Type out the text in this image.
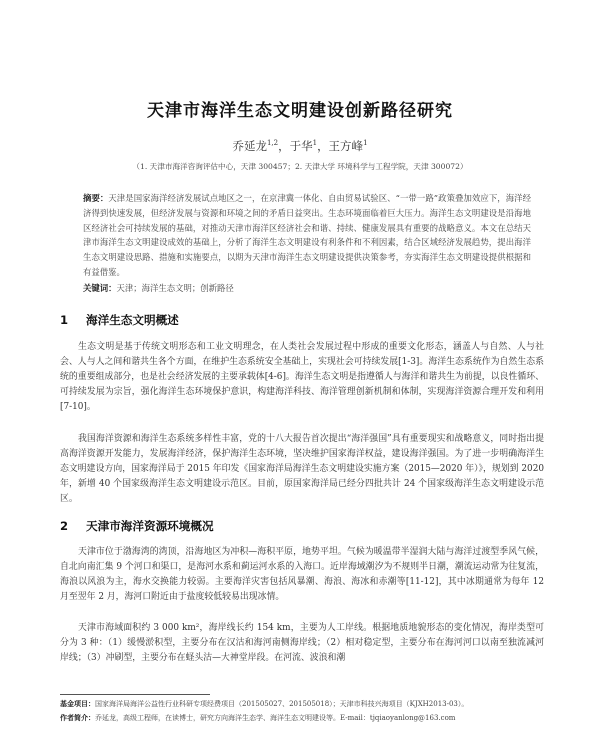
天津市海洋生态文明建设创新路径研究
乔延龙$^{1,2}$，于华$^1$，王方峰$^1$
（1. 天津市海洋咨询评估中心，天津 300457；2. 天津大学 环境科学与工程学院，天津 300072）
摘要：天津是国家海洋经济发展试点地区之一，在京津冀一体化、自由贸易试验区、“一带一路”政策叠加效应下，海洋经济得到快速发展，但经济发展与资源和环境之间的矛盾日益突出。生态环境面临着巨大压力。海洋生态文明建设是沿海地区经济社会可持续发展的基础，对推动天津市海洋区经济社会和谐、持续、健康发展具有重要的战略意义。本文在总结天津市海洋生态文明建设成效的基础上，分析了海洋生态文明建设有利条件和不利因素，结合区域经济发展趋势，提出海洋生态文明建设思路、措施和实施要点，以期为天津市海洋生态文明建设提供决策参考，夯实海洋生态文明建设提供根据和有益借鉴。
关键词：天津；海洋生态文明；创新路径
1 海洋生态文明概述
生态文明是基于传统文明形态和工业文明理念，在人类社会发展过程中形成的重要文化形态，涵盖人与自然、人与社会、人与人之间和谐共生各个方面，在维护生态系统安全基础上，实现社会可持续发展[1-3]。海洋生态系统作为自然生态系统的重要组成部分，也是社会经济发展的主要承载体[4-6]。海洋生态文明是指遵循人与海洋和谐共生为前提，以良性循环、可持续发展为宗旨，强化海洋生态环境保护意识，构建海洋科技、海洋管理创新机制和体制，实现海洋资源合理开发和利用[7-10]。
我国海洋资源和海洋生态系统多样性丰富，党的十八大报告首次提出“海洋强国”具有重要现实和战略意义，同时指出提高海洋资源开发能力，发展海洋经济，保护海洋生态环境，坚决维护国家海洋权益，建设海洋强国。为了进一步明确海洋生态文明建设方向，国家海洋局于 2015 年印发《国家海洋局海洋生态文明建设实施方案（2015—2020 年）》，规划到 2020 年，新增 40 个国家级海洋生态文明建设示范区。目前，原国家海洋局已经分四批共计 24 个国家级海洋生态文明建设示范区。
2 天津市海洋资源环境概况
天津市位于渤海湾的湾顶，沿海地区为冲积—海积平原，地势平坦。气候为暖温带半湿润大陆与海洋过渡型季风气候，自北向南汇集 9 个河口和渠口，是海河水系和蓟运河水系的入海口。近岸海域潮汐为不规则半日潮，潮流运动常为往复流，海浪以风浪为主，海水交换能力较弱。主要海洋灾害包括风暴潮、海浪、海冰和赤潮等[11-12]，其中冰期通常为每年 12 月至翌年 2 月，海河口附近由于盐度较低较易出现冰情。
天津市海域面积约 3 000 km²，海岸线长约 154 km，主要为人工岸线。根据地质地貌形态的变化情况，海岸类型可分为 3 种：（1）缓慢淤积型，主要分布在汉沽和海河南侧海岸线；（2）相对稳定型，主要分布在海河河口以南至独流减河岸线；（3）冲刷型，主要分布在蛏头沽—大神堂岸段。在河流、波浪和潮
基金项目：国家海洋局海洋公益性行业科研专项经费项目（201505027、201505018）；天津市科技兴海项目（KJXH2013-03）。
作者简介：乔延龙，高级工程师，在读博士，研究方向海洋生态学、海洋生态文明建设等。E-mail：tjqiaoyanlong@163.com
